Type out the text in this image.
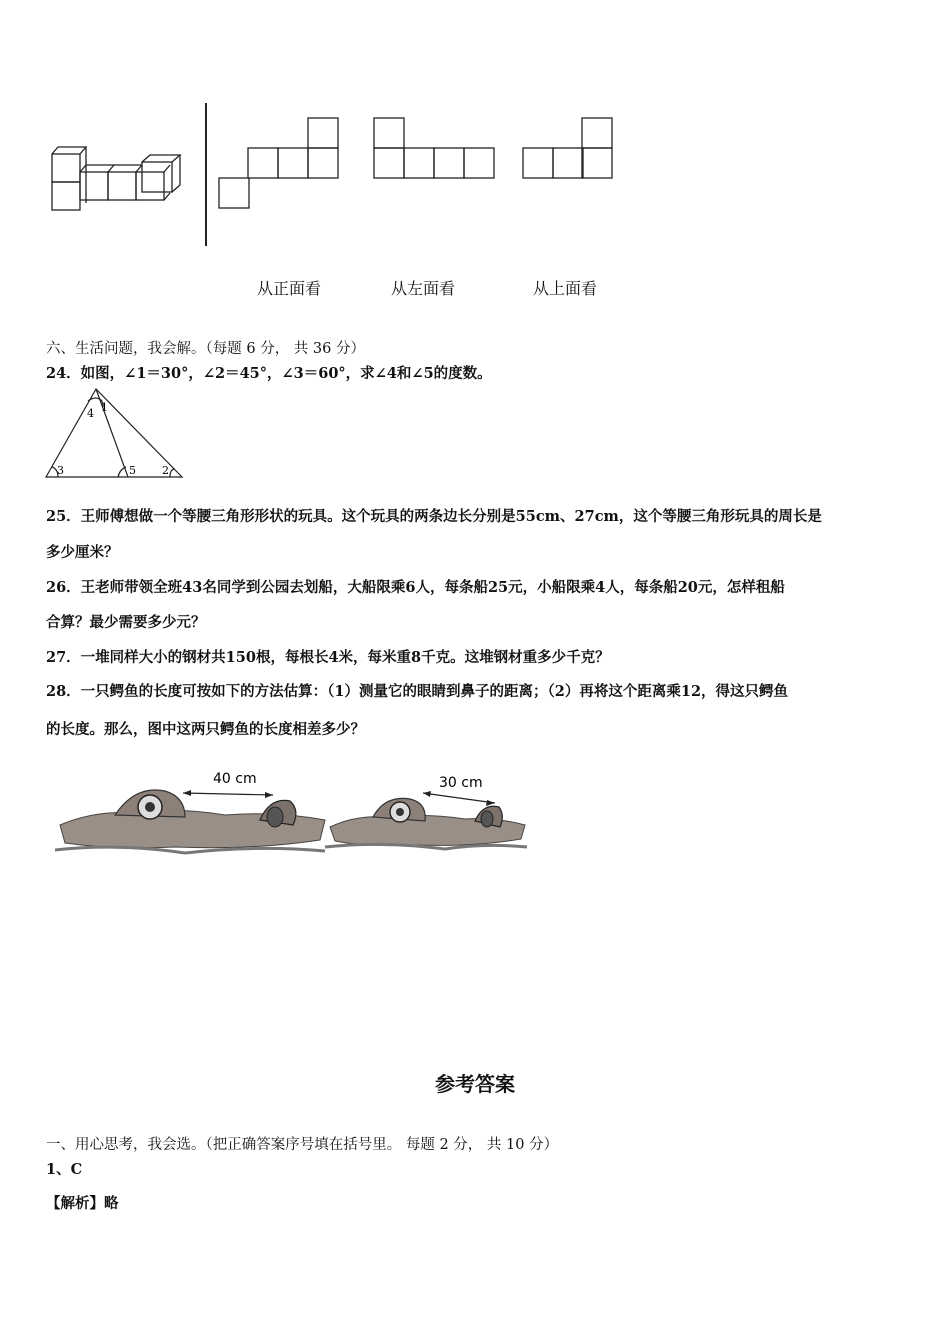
从正面看	从左面看	从上面看
六、生活问题，我会解。（每题 6 分， 共 36 分）
24．如图，∠1＝30°，∠2＝45°，∠3＝60°，求∠4和∠5的度数。
4 1
3	5 2
25．王师傅想做一个等腰三角形形状的玩具。这个玩具的两条边长分别是55cm、27cm，这个等腰三角形玩具的周长是
多少厘米？
26．王老师带领全班43名同学到公园去划船，大船限乘6人，每条船25元，小船限乘4人，每条船20元，怎样租船
合算？最少需要多少元？
27．一堆同样大小的钢材共150根，每根长4米，每米重8千克。这堆钢材重多少千克？
28．一只鳄鱼的长度可按如下的方法估算：（1）测量它的眼睛到鼻子的距离；（2）再将这个距离乘12，得这只鳄鱼
的长度。那么，图中这两只鳄鱼的长度相差多少？
40 cm	30 cm
参考答案
一、用心思考，我会选。（把正确答案序号填在括号里。 每题 2 分， 共 10 分）
1、C
【解析】略
